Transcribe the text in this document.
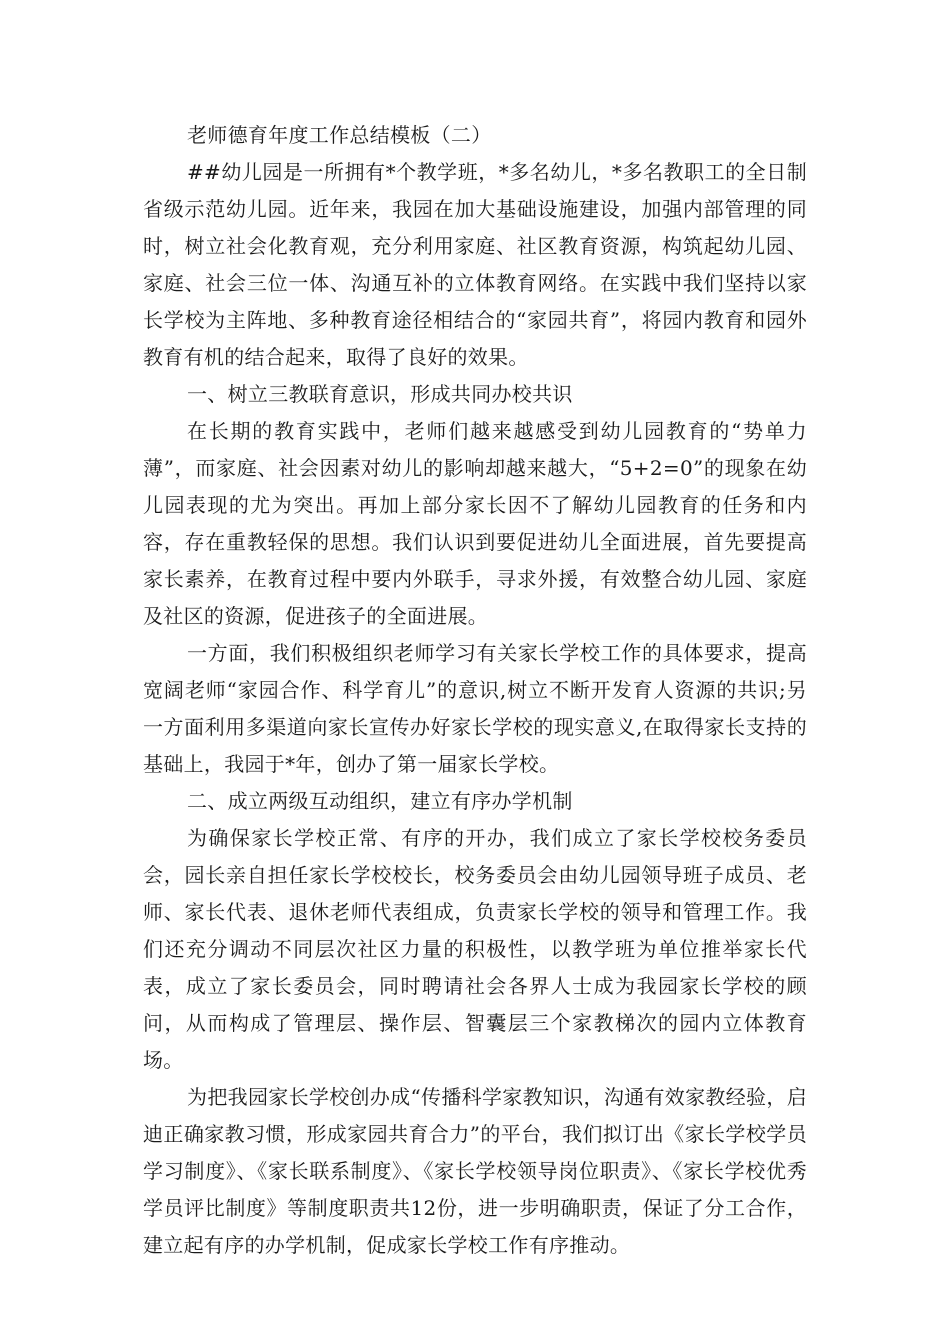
老师德育年度工作总结模板（二）

##幼儿园是一所拥有*个教学班，*多名幼儿，*多名教职工的全日制省级示范幼儿园。近年来，我园在加大基础设施建设，加强内部管理的同时，树立社会化教育观，充分利用家庭、社区教育资源，构筑起幼儿园、家庭、社会三位一体、沟通互补的立体教育网络。在实践中我们坚持以家长学校为主阵地、多种教育途径相结合的“家园共育”，将园内教育和园外教育有机的结合起来，取得了良好的效果。

一、树立三教联育意识，形成共同办校共识

在长期的教育实践中，老师们越来越感受到幼儿园教育的“势单力薄”，而家庭、社会因素对幼儿的影响却越来越大，“5+2=0”的现象在幼儿园表现的尤为突出。再加上部分家长因不了解幼儿园教育的任务和内容，存在重教轻保的思想。我们认识到要促进幼儿全面进展，首先要提高家长素养，在教育过程中要内外联手，寻求外援，有效整合幼儿园、家庭及社区的资源，促进孩子的全面进展。

一方面，我们积极组织老师学习有关家长学校工作的具体要求，提高宽阔老师“家园合作、科学育儿”的意识,树立不断开发育人资源的共识;另一方面利用多渠道向家长宣传办好家长学校的现实意义,在取得家长支持的基础上，我园于*年，创办了第一届家长学校。

二、成立两级互动组织，建立有序办学机制

为确保家长学校正常、有序的开办，我们成立了家长学校校务委员会，园长亲自担任家长学校校长，校务委员会由幼儿园领导班子成员、老师、家长代表、退休老师代表组成，负责家长学校的领导和管理工作。我们还充分调动不同层次社区力量的积极性，以教学班为单位推举家长代表，成立了家长委员会，同时聘请社会各界人士成为我园家长学校的顾问，从而构成了管理层、操作层、智囊层三个家教梯次的园内立体教育场。

为把我园家长学校创办成“传播科学家教知识，沟通有效家教经验，启迪正确家教习惯，形成家园共育合力”的平台，我们拟订出《家长学校学员学习制度》、《家长联系制度》、《家长学校领导岗位职责》、《家长学校优秀学员评比制度》等制度职责共12份，进一步明确职责，保证了分工合作，建立起有序的办学机制，促成家长学校工作有序推动。
